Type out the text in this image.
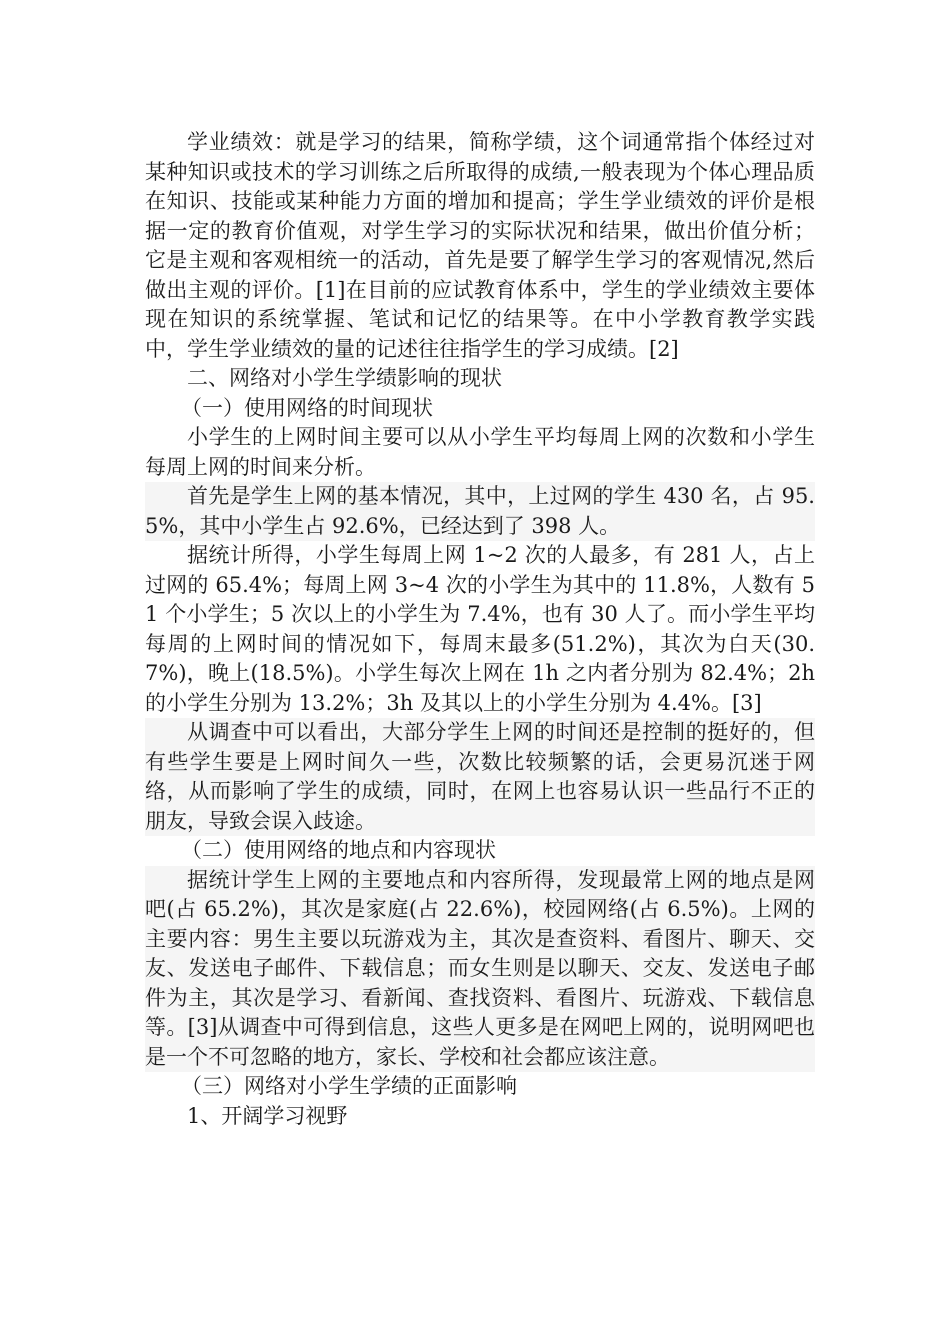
学业绩效：就是学习的结果，简称学绩，这个词通常指个体经过对某种知识或技术的学习训练之后所取得的成绩,一般表现为个体心理品质在知识、技能或某种能力方面的增加和提高；学生学业绩效的评价是根据一定的教育价值观，对学生学习的实际状况和结果，做出价值分析；它是主观和客观相统一的活动，首先是要了解学生学习的客观情况,然后做出主观的评价。[1]在目前的应试教育体系中，学生的学业绩效主要体现在知识的系统掌握、笔试和记忆的结果等。在中小学教育教学实践中，学生学业绩效的量的记述往往指学生的学习成绩。[2]

二、网络对小学生学绩影响的现状

（一）使用网络的时间现状

小学生的上网时间主要可以从小学生平均每周上网的次数和小学生每周上网的时间来分析。

首先是学生上网的基本情况，其中，上过网的学生 430 名，占 95.5%，其中小学生占 92.6%，已经达到了 398 人。

据统计所得，小学生每周上网 1~2 次的人最多，有 281 人，占上过网的 65.4%；每周上网 3~4 次的小学生为其中的 11.8%，人数有 51 个小学生；5 次以上的小学生为 7.4%，也有 30 人了。而小学生平均每周的上网时间的情况如下，每周末最多(51.2%)，其次为白天(30.7%)，晚上(18.5%)。小学生每次上网在 1h 之内者分别为 82.4%；2h 的小学生分别为 13.2%；3h 及其以上的小学生分别为 4.4%。[3]

从调查中可以看出，大部分学生上网的时间还是控制的挺好的，但有些学生要是上网时间久一些，次数比较频繁的话，会更易沉迷于网络，从而影响了学生的成绩，同时，在网上也容易认识一些品行不正的朋友，导致会误入歧途。

（二）使用网络的地点和内容现状

据统计学生上网的主要地点和内容所得，发现最常上网的地点是网吧(占 65.2%)，其次是家庭(占 22.6%)，校园网络(占 6.5%)。上网的主要内容：男生主要以玩游戏为主，其次是查资料、看图片、聊天、交友、发送电子邮件、下载信息；而女生则是以聊天、交友、发送电子邮件为主，其次是学习、看新闻、查找资料、看图片、玩游戏、下载信息等。[3]从调查中可得到信息，这些人更多是在网吧上网的，说明网吧也是一个不可忽略的地方，家长、学校和社会都应该注意。

（三）网络对小学生学绩的正面影响

1、开阔学习视野
